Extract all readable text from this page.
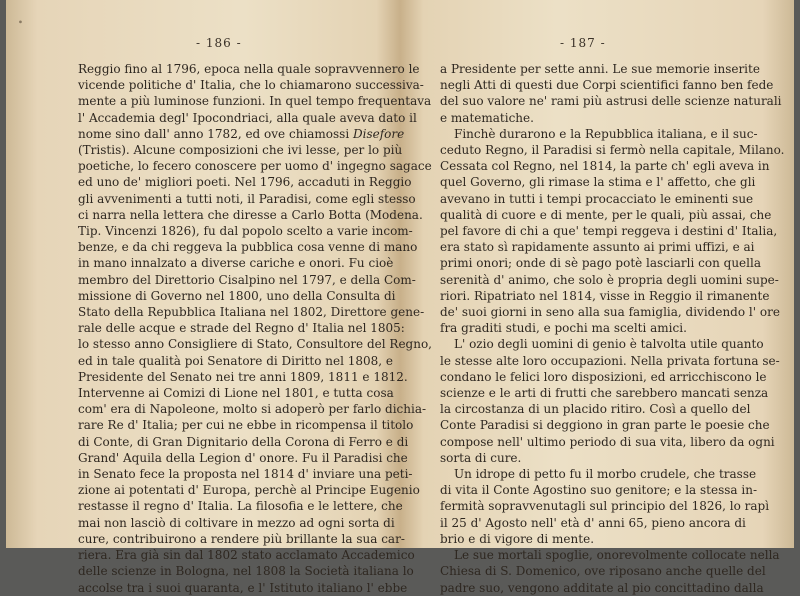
∙
- 186 -
Reggio fino al 1796, epoca nella quale sopravvennero le
vicende politiche d' Italia, che lo chiamarono successiva-
mente a più luminose funzioni. In quel tempo frequentava
l' Accademia degl' Ipocondriaci, alla quale aveva dato il
nome sino dall' anno 1782, ed ove chiamossi Disefore
(Tristis). Alcune composizioni che ivi lesse, per lo più
poetiche, lo fecero conoscere per uomo d' ingegno sagace
ed uno de' migliori poeti. Nel 1796, accaduti in Reggio
gli avvenimenti a tutti noti, il Paradisi, come egli stesso
ci narra nella lettera che diresse a Carlo Botta (Modena.
Tip. Vincenzi 1826), fu dal popolo scelto a varie incom-
benze, e da chi reggeva la pubblica cosa venne di mano
in mano innalzato a diverse cariche e onori. Fu cioè
membro del Direttorio Cisalpino nel 1797, e della Com-
missione di Governo nel 1800, uno della Consulta di
Stato della Repubblica Italiana nel 1802, Direttore gene-
rale delle acque e strade del Regno d' Italia nel 1805:
lo stesso anno Consigliere di Stato, Consultore del Regno,
ed in tale qualità poi Senatore di Diritto nel 1808, e
Presidente del Senato nei tre anni 1809, 1811 e 1812.
Intervenne ai Comizi di Lione nel 1801, e tutta cosa
com' era di Napoleone, molto si adoperò per farlo dichia-
rare Re d' Italia; per cui ne ebbe in ricompensa il titolo
di Conte, di Gran Dignitario della Corona di Ferro e di
Grand' Aquila della Legion d' onore. Fu il Paradisi che
in Senato fece la proposta nel 1814 d' inviare una peti-
zione ai potentati d' Europa, perchè al Principe Eugenio
restasse il regno d' Italia. La filosofia e le lettere, che
mai non lasciò di coltivare in mezzo ad ogni sorta di
cure, contribuirono a rendere più brillante la sua car-
riera. Era già sin dal 1802 stato acclamato Accademico
delle scienze in Bologna, nel 1808 la Società italiana lo
accolse tra i suoi quaranta, e l' Istituto italiano l' ebbe
- 187 -
a Presidente per sette anni. Le sue memorie inserite
negli Atti di questi due Corpi scientifici fanno ben fede
del suo valore ne' rami più astrusi delle scienze naturali
e matematiche.
Finchè durarono e la Repubblica italiana, e il suc-
ceduto Regno, il Paradisi si fermò nella capitale, Milano.
Cessata col Regno, nel 1814, la parte ch' egli aveva in
quel Governo, gli rimase la stima e l' affetto, che gli
avevano in tutti i tempi procacciato le eminenti sue
qualità di cuore e di mente, per le quali, più assai, che
pel favore di chi a que' tempi reggeva i destini d' Italia,
era stato sì rapidamente assunto ai primi uffizi, e ai
primi onori; onde di sè pago potè lasciarli con quella
serenità d' animo, che solo è propria degli uomini supe-
riori. Ripatriato nel 1814, visse in Reggio il rimanente
de' suoi giorni in seno alla sua famiglia, dividendo l' ore
fra graditi studi, e pochi ma scelti amici.
L' ozio degli uomini di genio è talvolta utile quanto
le stesse alte loro occupazioni. Nella privata fortuna se-
condano le felici loro disposizioni, ed arricchiscono le
scienze e le arti di frutti che sarebbero mancati senza
la circostanza di un placido ritiro. Così a quello del
Conte Paradisi si deggiono in gran parte le poesie che
compose nell' ultimo periodo di sua vita, libero da ogni
sorta di cure.
Un idrope di petto fu il morbo crudele, che trasse
di vita il Conte Agostino suo genitore; e la stessa in-
fermità sopravvenutagli sul principio del 1826, lo rapì
il 25 d' Agosto nell' età d' anni 65, pieno ancora di
brio e di vigore di mente.
Le sue mortali spoglie, onorevolmente collocate nella
Chiesa di S. Domenico, ove riposano anche quelle del
padre suo, vengono additate al pio concittadino dalla
